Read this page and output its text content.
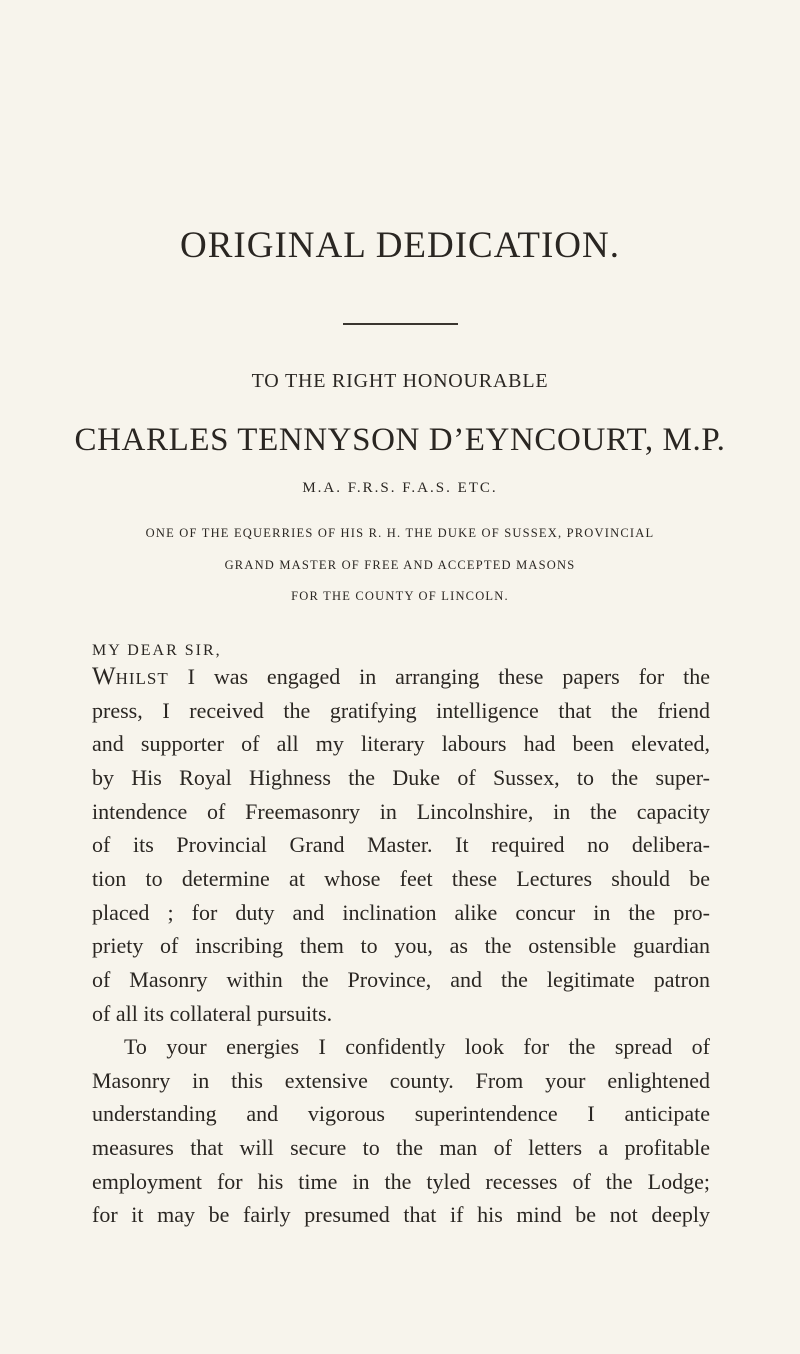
ORIGINAL DEDICATION.
TO THE RIGHT HONOURABLE
CHARLES TENNYSON D’EYNCOURT, M.P.
M.A. F.R.S. F.A.S. ETC.
ONE OF THE EQUERRIES OF HIS R. H. THE DUKE OF SUSSEX, PROVINCIAL
GRAND MASTER OF FREE AND ACCEPTED MASONS
FOR THE COUNTY OF LINCOLN.
MY DEAR SIR,
WHILST I was engaged in arranging these papers for the
press, I received the gratifying intelligence that the friend
and supporter of all my literary labours had been elevated,
by His Royal Highness the Duke of Sussex, to the super-
intendence of Freemasonry in Lincolnshire, in the capacity
of its Provincial Grand Master. It required no delibera-
tion to determine at whose feet these Lectures should be
placed ; for duty and inclination alike concur in the pro-
priety of inscribing them to you, as the ostensible guardian
of Masonry within the Province, and the legitimate patron
of all its collateral pursuits.
To your energies I confidently look for the spread of
Masonry in this extensive county. From your enlightened
understanding and vigorous superintendence I anticipate
measures that will secure to the man of letters a profitable
employment for his time in the tyled recesses of the Lodge;
for it may be fairly presumed that if his mind be not deeply
